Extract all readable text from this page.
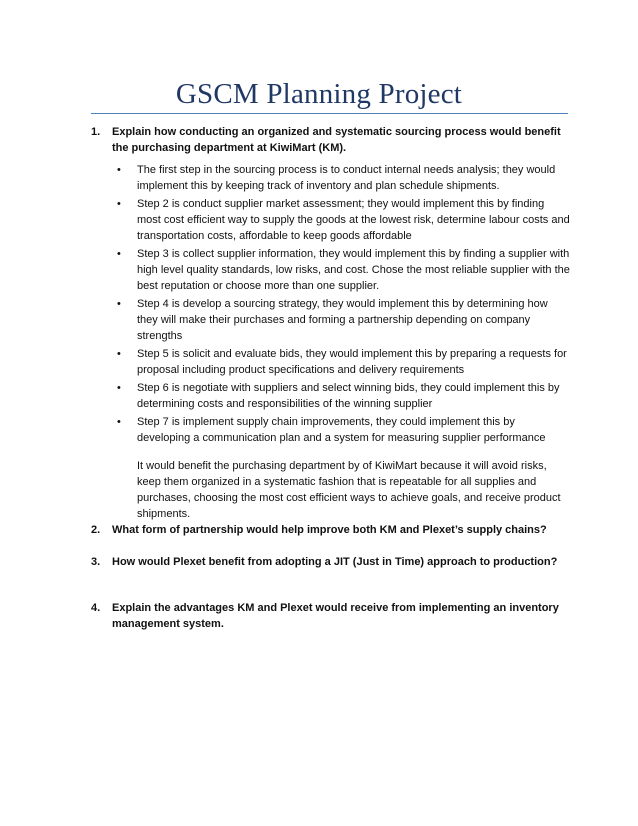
GSCM Planning Project
1. Explain how conducting an organized and systematic sourcing process would benefit the purchasing department at KiwiMart (KM).
• The first step in the sourcing process is to conduct internal needs analysis; they would implement this by keeping track of inventory and plan schedule shipments.
• Step 2 is conduct supplier market assessment; they would implement this by finding most cost efficient way to supply the goods at the lowest risk, determine labour costs and transportation costs, affordable to keep goods affordable
• Step 3 is collect supplier information, they would implement this by finding a supplier with high level quality standards, low risks, and cost. Chose the most reliable supplier with the best reputation or choose more than one supplier.
• Step 4 is develop a sourcing strategy, they would implement this by determining how they will make their purchases and forming a partnership depending on company strengths
• Step 5 is solicit and evaluate bids, they would implement this by preparing a requests for proposal including product specifications and delivery requirements
• Step 6 is negotiate with suppliers and select winning bids, they could implement this by determining costs and responsibilities of the winning supplier
• Step 7 is implement supply chain improvements, they could implement this by developing a communication plan and a system for measuring supplier performance
It would benefit the purchasing department by of KiwiMart because it will avoid risks, keep them organized in a systematic fashion that is repeatable for all supplies and purchases, choosing the most cost efficient ways to achieve goals, and receive product shipments.
2. What form of partnership would help improve both KM and Plexet’s supply chains?
3. How would Plexet benefit from adopting a JIT (Just in Time) approach to production?
4. Explain the advantages KM and Plexet would receive from implementing an inventory management system.
